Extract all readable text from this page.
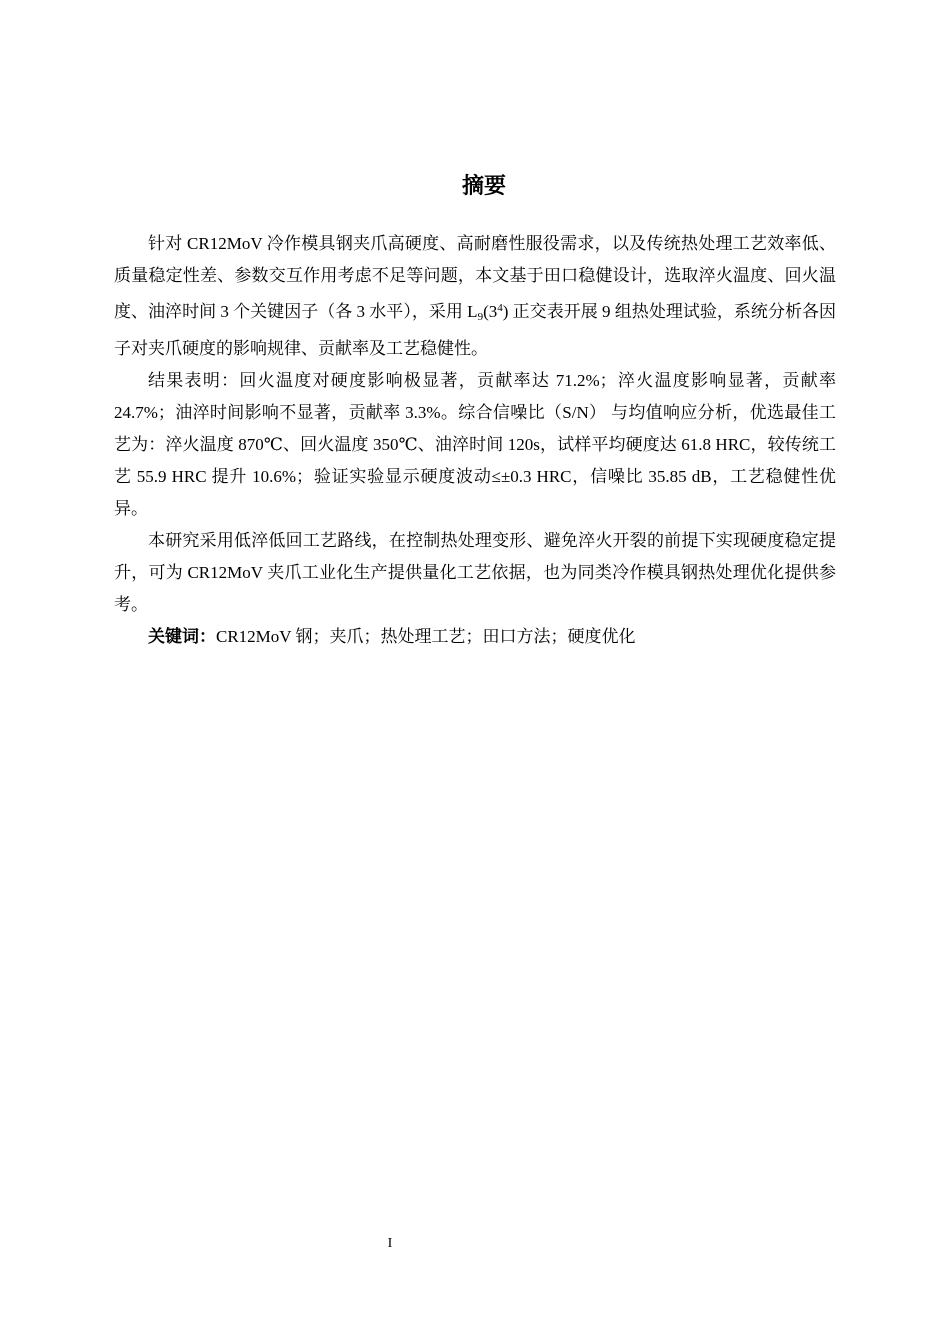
摘要

针对 CR12MoV 冷作模具钢夹爪高硬度、高耐磨性服役需求，以及传统热处理工艺效率低、质量稳定性差、参数交互作用考虑不足等问题，本文基于田口稳健设计，选取淬火温度、回火温度、油淬时间 3 个关键因子（各 3 水平），采用 $L_9(3^4)$ 正交表开展 9 组热处理试验，系统分析各因子对夹爪硬度的影响规律、贡献率及工艺稳健性。

结果表明：回火温度对硬度影响极显著，贡献率达 71.2%；淬火温度影响显著，贡献率 24.7%；油淬时间影响不显著，贡献率 3.3%。综合信噪比（S/N） 与均值响应分析，优选最佳工艺为：淬火温度 870℃、回火温度 350℃、油淬时间 120s，试样平均硬度达 61.8 HRC，较传统工艺 55.9 HRC 提升 10.6%；验证实验显示硬度波动≤±0.3 HRC，信噪比 35.85 dB，工艺稳健性优异。

本研究采用低淬低回工艺路线，在控制热处理变形、避免淬火开裂的前提下实现硬度稳定提升，可为 CR12MoV 夹爪工业化生产提供量化工艺依据，也为同类冷作模具钢热处理优化提供参考。

关键词：CR12MoV 钢；夹爪；热处理工艺；田口方法；硬度优化

I
